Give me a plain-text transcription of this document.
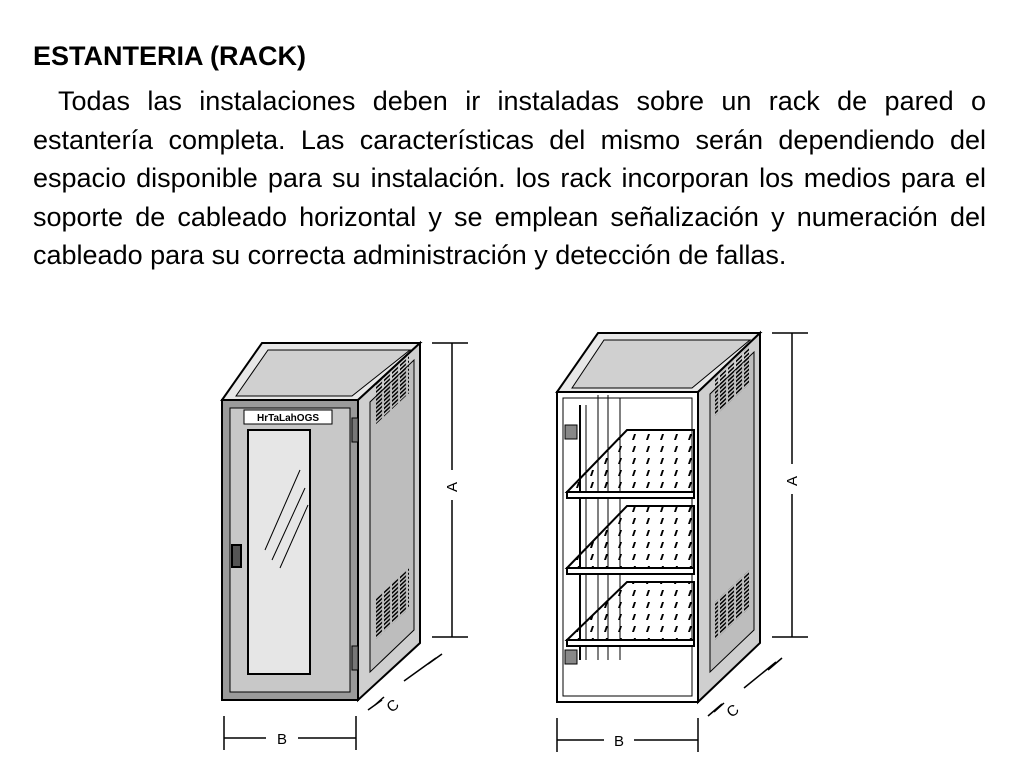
ESTANTERIA (RACK)

Todas las instalaciones deben ir instaladas sobre un rack de pared o estantería completa. Las características del mismo serán dependiendo del espacio disponible para su instalación. los rack incorporan los medios para el soporte de cableado horizontal y se emplean señalización y numeración del cableado para su correcta administración y detección de fallas.

HrTaLahOGS
A
B
C
A
B
C
